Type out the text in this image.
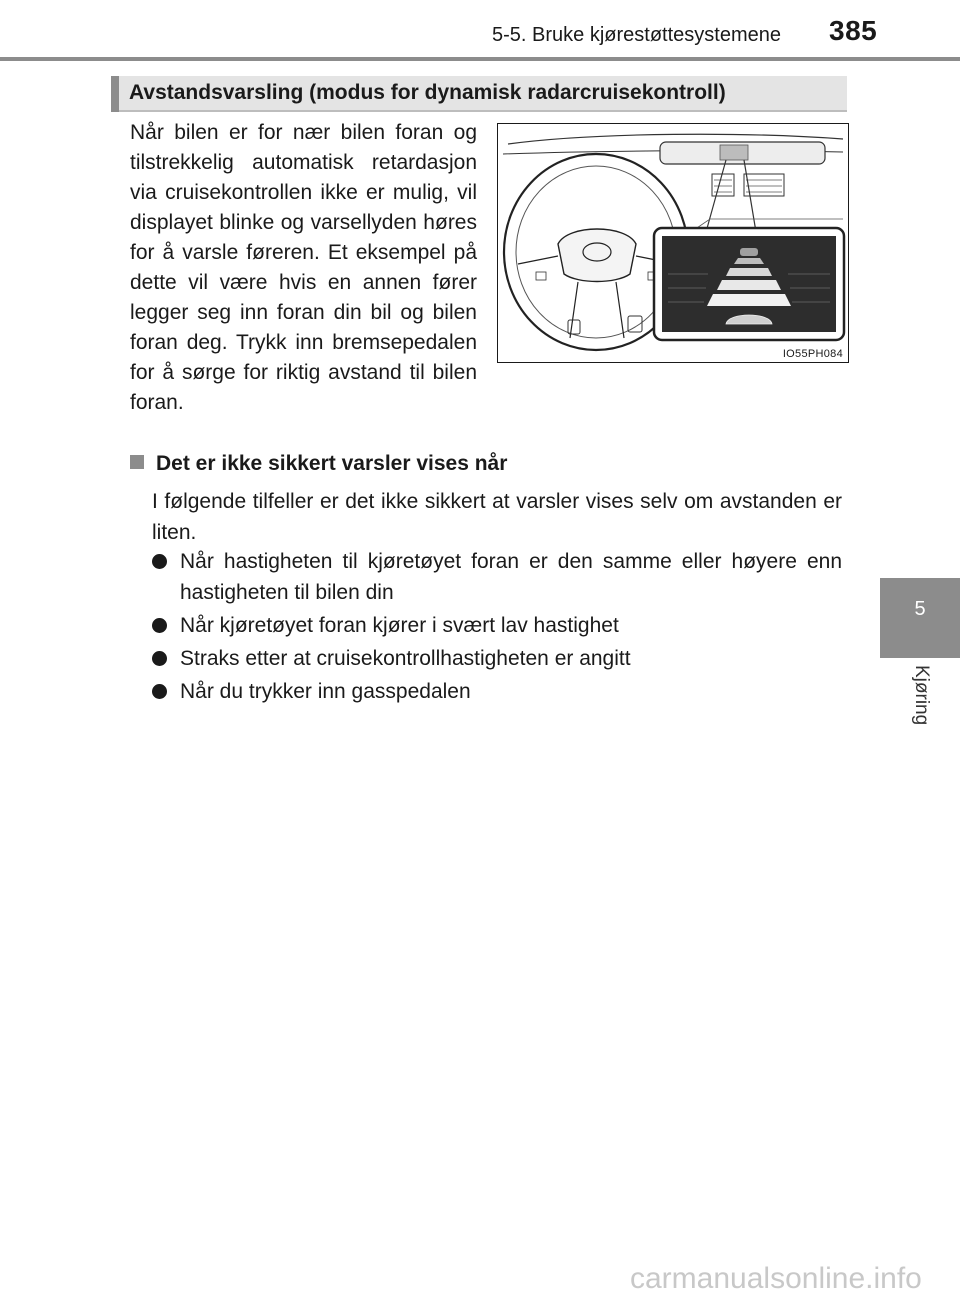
5-5. Bruke kjørestøttesystemene 385
5
Kjøring
Avstandsvarsling (modus for dynamisk radarcruisekontroll)
Når bilen er for nær bilen foran og tilstrekkelig automatisk retardasjon via cruisekontrollen ikke er mulig, vil displayet blinke og varsellyden høres for å varsle føreren. Et eksempel på dette vil være hvis en annen fører legger seg inn foran din bil og bilen foran deg. Trykk inn bremsepedalen for å sørge for riktig avstand til bilen foran.
IO55PH084
Det er ikke sikkert varsler vises når
I følgende tilfeller er det ikke sikkert at varsler vises selv om avstanden er liten.
Når hastigheten til kjøretøyet foran er den samme eller høyere enn hastigheten til bilen din
Når kjøretøyet foran kjører i svært lav hastighet
Straks etter at cruisekontrollhastigheten er angitt
Når du trykker inn gasspedalen
carmanualsonline.info
